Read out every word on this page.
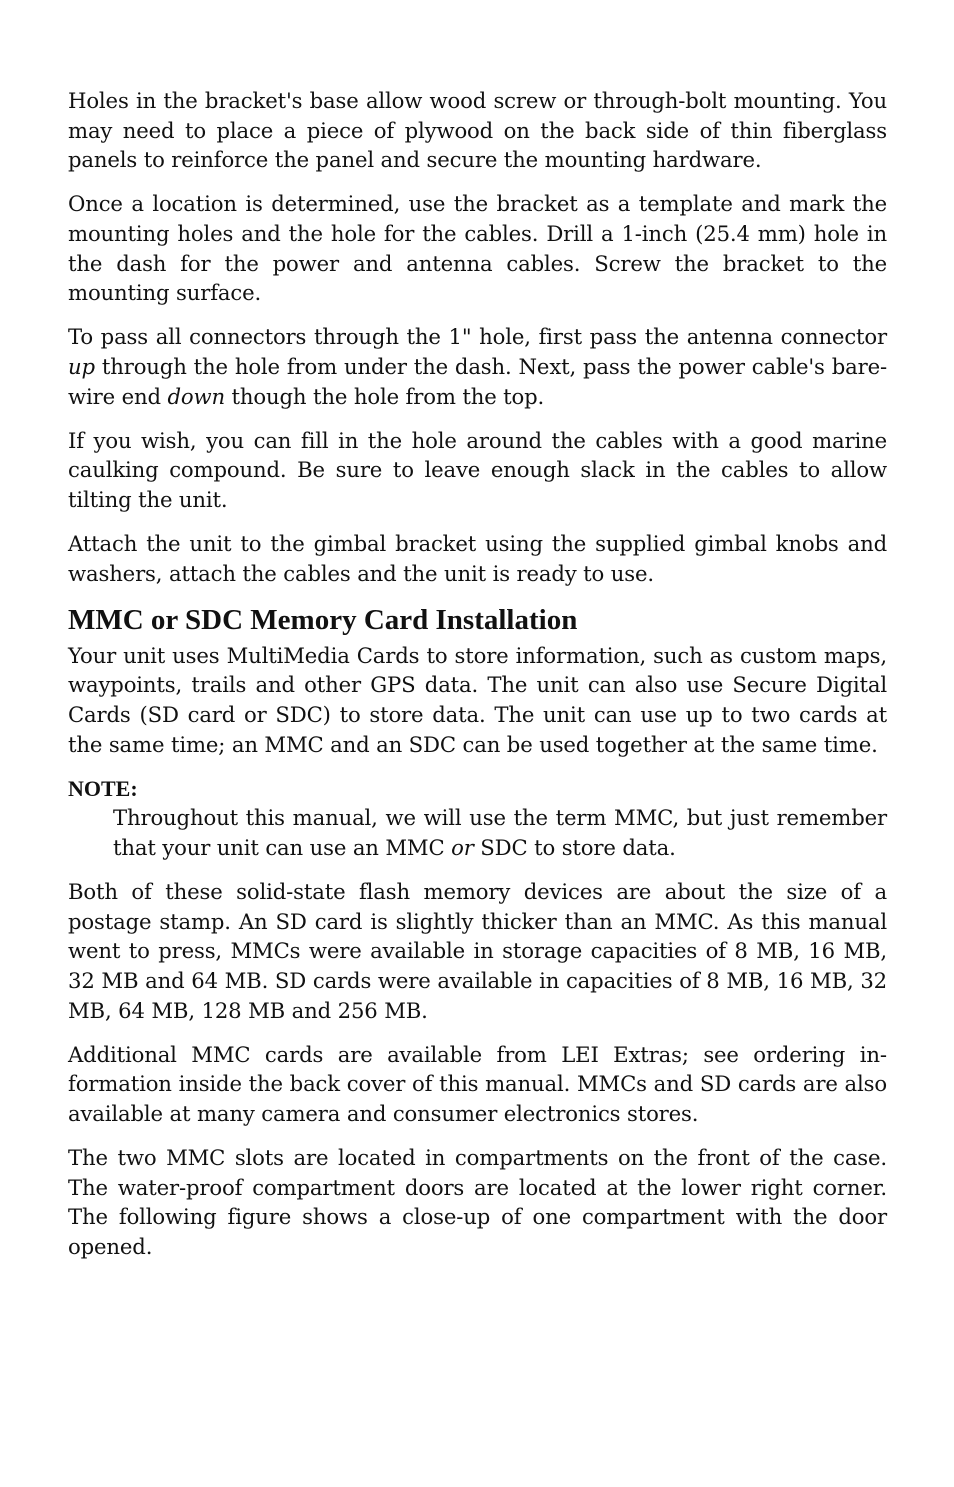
Holes in the bracket's base allow wood screw or through-bolt mounting. You may need to place a piece of plywood on the back side of thin fiberglass panels to reinforce the panel and secure the mounting hardware.

Once a location is determined, use the bracket as a template and mark the mounting holes and the hole for the cables. Drill a 1-inch (25.4 mm) hole in the dash for the power and antenna cables. Screw the bracket to the mounting surface.

To pass all connectors through the 1" hole, first pass the antenna connector up through the hole from under the dash. Next, pass the power cable's bare-wire end down though the hole from the top.

If you wish, you can fill in the hole around the cables with a good marine caulking compound. Be sure to leave enough slack in the cables to allow tilting the unit.

Attach the unit to the gimbal bracket using the supplied gimbal knobs and washers, attach the cables and the unit is ready to use.

MMC or SDC Memory Card Installation

Your unit uses MultiMedia Cards to store information, such as custom maps, waypoints, trails and other GPS data. The unit can also use Secure Digital Cards (SD card or SDC) to store data. The unit can use up to two cards at the same time; an MMC and an SDC can be used together at the same time.

NOTE:

Throughout this manual, we will use the term MMC, but just remember that your unit can use an MMC or SDC to store data.

Both of these solid-state flash memory devices are about the size of a postage stamp. An SD card is slightly thicker than an MMC. As this manual went to press, MMCs were available in storage capacities of 8 MB, 16 MB, 32 MB and 64 MB. SD cards were available in capacities of 8 MB, 16 MB, 32 MB, 64 MB, 128 MB and 256 MB.

Additional MMC cards are available from LEI Extras; see ordering information inside the back cover of this manual. MMCs and SD cards are also available at many camera and consumer electronics stores.

The two MMC slots are located in compartments on the front of the case. The water-proof compartment doors are located at the lower right corner. The following figure shows a close-up of one compartment with the door opened.
